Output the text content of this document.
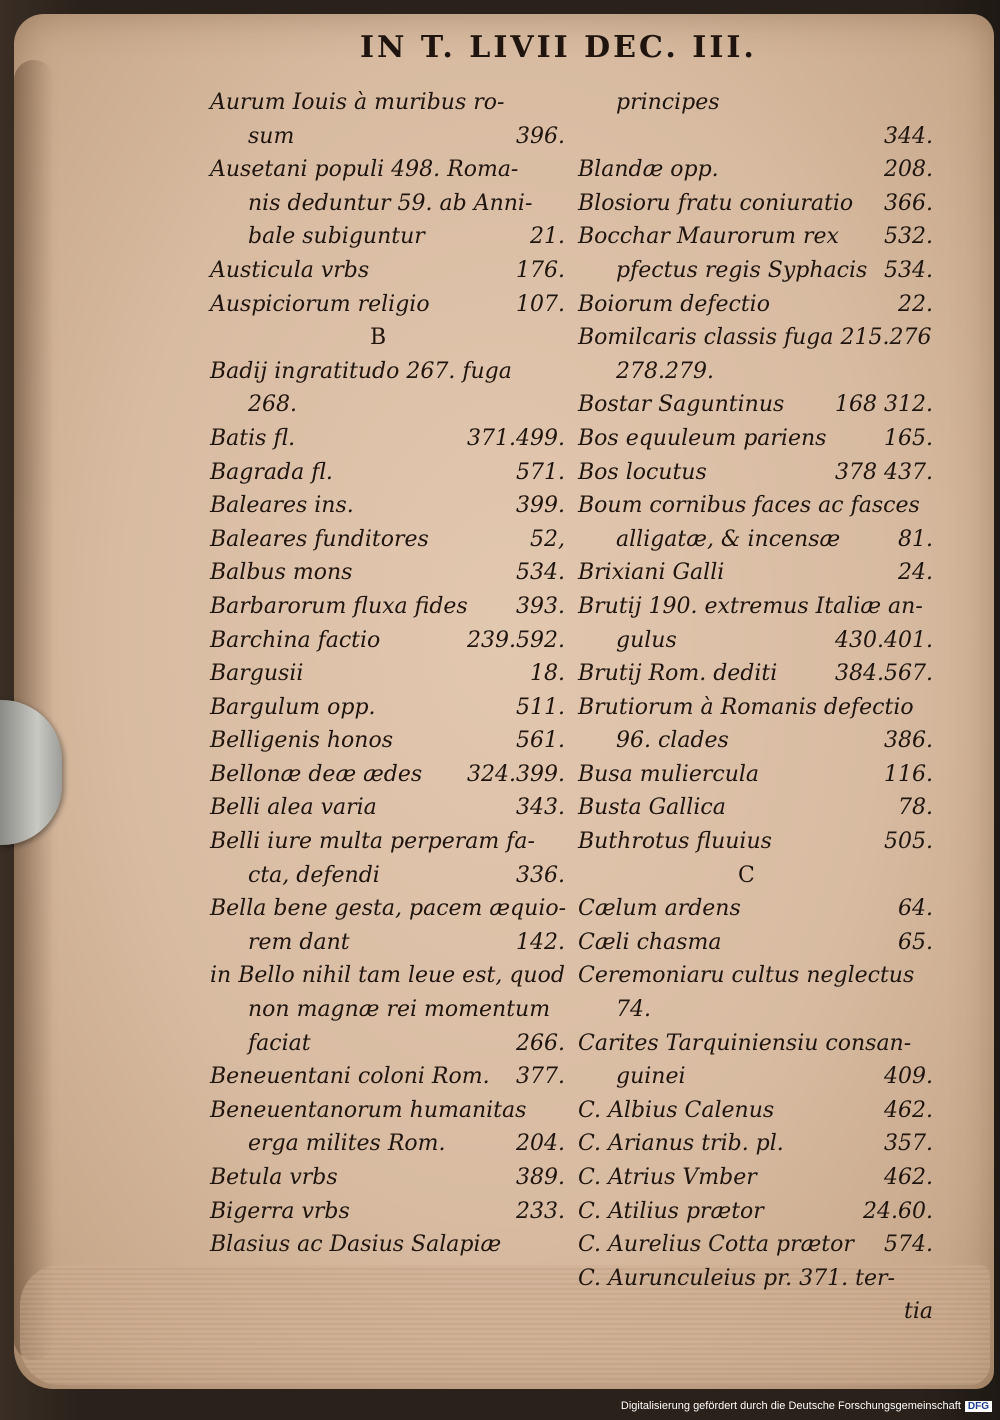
IN T. LIVII DEC. III.
Aurum Iouis à muribus ro-
sum	396.
Ausetani populi 498. Roma-
nis deduntur 59. ab Anni-
bale subiguntur	21.
Austicula vrbs	176.
Auspiciorum religio	107.
B
Badij ingratitudo 267. fuga
268.
Batis fl.	371.499.
Bagrada fl.	571.
Baleares ins.	399.
Baleares funditores	52,
Balbus mons	534.
Barbarorum fluxa fides 393.
Barchina factio	239.592.
Bargusii	18.
Bargulum opp.	511.
Belligenis honos	561.
Bellonæ deæ ædes 324.399.
Belli alea varia	343.
Belli iure multa perperam fa-
cta, defendi	336.
Bella bene gesta, pacem æquio-
rem dant	142.
in Bello nihil tam leue est, quod
non magnæ rei momentum
faciat	266.
Beneuentani coloni Rom. 377.
Beneuentanorum humanitas
erga milites Rom.	204.
Betula vrbs	389.
Bigerra vrbs	233.
Blasius ac Dasius Salapiæ
principes
344.
Blandæ opp.	208.
Blosioru fratu coniuratio 366.
Bocchar Maurorum rex 532.
pfectus regis Syphacis 534.
Boiorum defectio	22.
Bomilcaris classis fuga 215.276
278.279.
Bostar Saguntinus 168 312.
Bos equuleum pariens	165.
Bos locutus	378 437.
Boum cornibus faces ac fasces
alligatæ, & incensæ	81.
Brixiani Galli	24.
Brutij 190. extremus Italiæ an-
gulus	430.401.
Brutij Rom. dediti	384.567.
Brutiorum à Romanis defectio
96. clades	386.
Busa muliercula	116.
Busta Gallica	78.
Buthrotus fluuius	505.
C
Cælum ardens	64.
Cæli chasma	65.
Ceremoniaru cultus neglectus
74.
Carites Tarquiniensiu consan-
guinei	409.
C. Albius Calenus	462.
C. Arianus trib. pl.	357.
C. Atrius Vmber	462.
C. Atilius prætor	24.60.
C. Aurelius Cotta prætor 574.
C. Aurunculeius pr. 371. ter-
tia
Digitalisierung gefördert durch die Deutsche Forschungsgemeinschaft DFG
